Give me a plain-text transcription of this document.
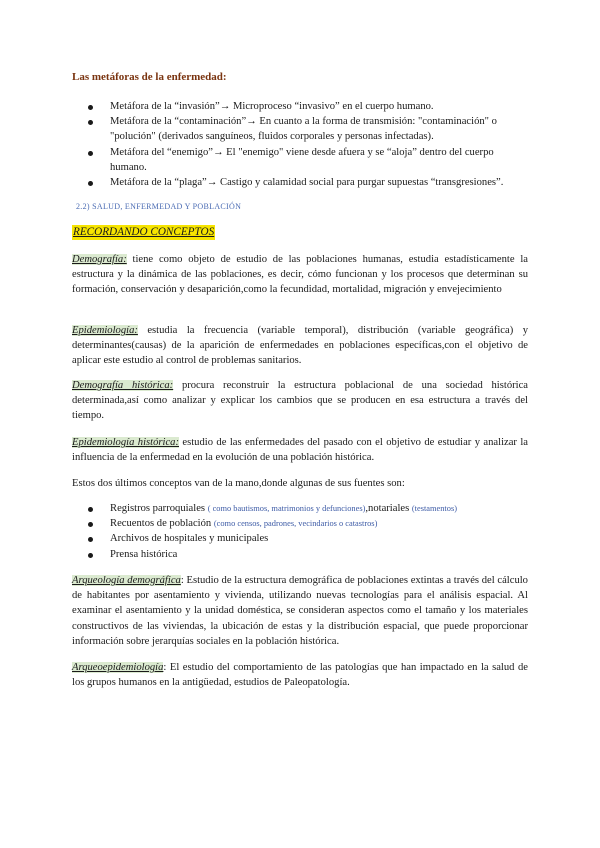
Las metáforas de la enfermedad:
Metáfora de la “invasión”→ Microproceso “invasivo” en el cuerpo humano.
Metáfora de la “contaminación”→ En cuanto a la forma de transmisión: "contaminación" o "polución" (derivados sanguíneos, fluidos corporales y personas infectadas).
Metáfora del “enemigo”→ El "enemigo" viene desde afuera y se “aloja” dentro del cuerpo humano.
Metáfora de la “plaga”→ Castigo y calamidad social para purgar supuestas “transgresiones”.
2.2) SALUD, ENFERMEDAD Y POBLACIÓN
RECORDANDO CONCEPTOS

Demografía: tiene como objeto de estudio de las poblaciones humanas, estudia estadísticamente la estructura y la dinámica de las poblaciones, es decir, cómo funcionan y los procesos que determinan su formación, conservación y desaparición,como la fecundidad, mortalidad, migración y envejecimiento

Epidemiología: estudia la frecuencia (variable temporal), distribución (variable geográfica) y determinantes(causas) de la aparición de enfermedades en poblaciones específicas,con el objetivo de aplicar este estudio al control de problemas sanitarios.

Demografía histórica: procura reconstruir la estructura poblacional de una sociedad histórica determinada,así como analizar y explicar los cambios que se producen en esa estructura a través del tiempo.

Epidemiología histórica: estudio de las enfermedades del pasado con el objetivo de estudiar y analizar la influencia de la enfermedad en la evolución de una población histórica.

Estos dos últimos conceptos van de la mano,donde algunas de sus fuentes son:

Registros parroquiales ( como bautismos, matrimonios y defunciones),notariales (testamentos)
Recuentos de población (como censos, padrones, vecindarios o catastros)
Archivos de hospitales y municipales
Prensa histórica

Arqueología demográfica: Estudio de la estructura demográfica de poblaciones extintas a través del cálculo de habitantes por asentamiento y vivienda, utilizando nuevas tecnologías para el análisis espacial. Al examinar el asentamiento y la unidad doméstica, se consideran aspectos como el tamaño y los materiales constructivos de las viviendas, la ubicación de estas y la distribución espacial, que puede proporcionar información sobre jerarquías sociales en la población histórica.

Arqueoepidemiología: El estudio del comportamiento de las patologías que han impactado en la salud de los grupos humanos en la antigüedad, estudios de Paleopatología.
